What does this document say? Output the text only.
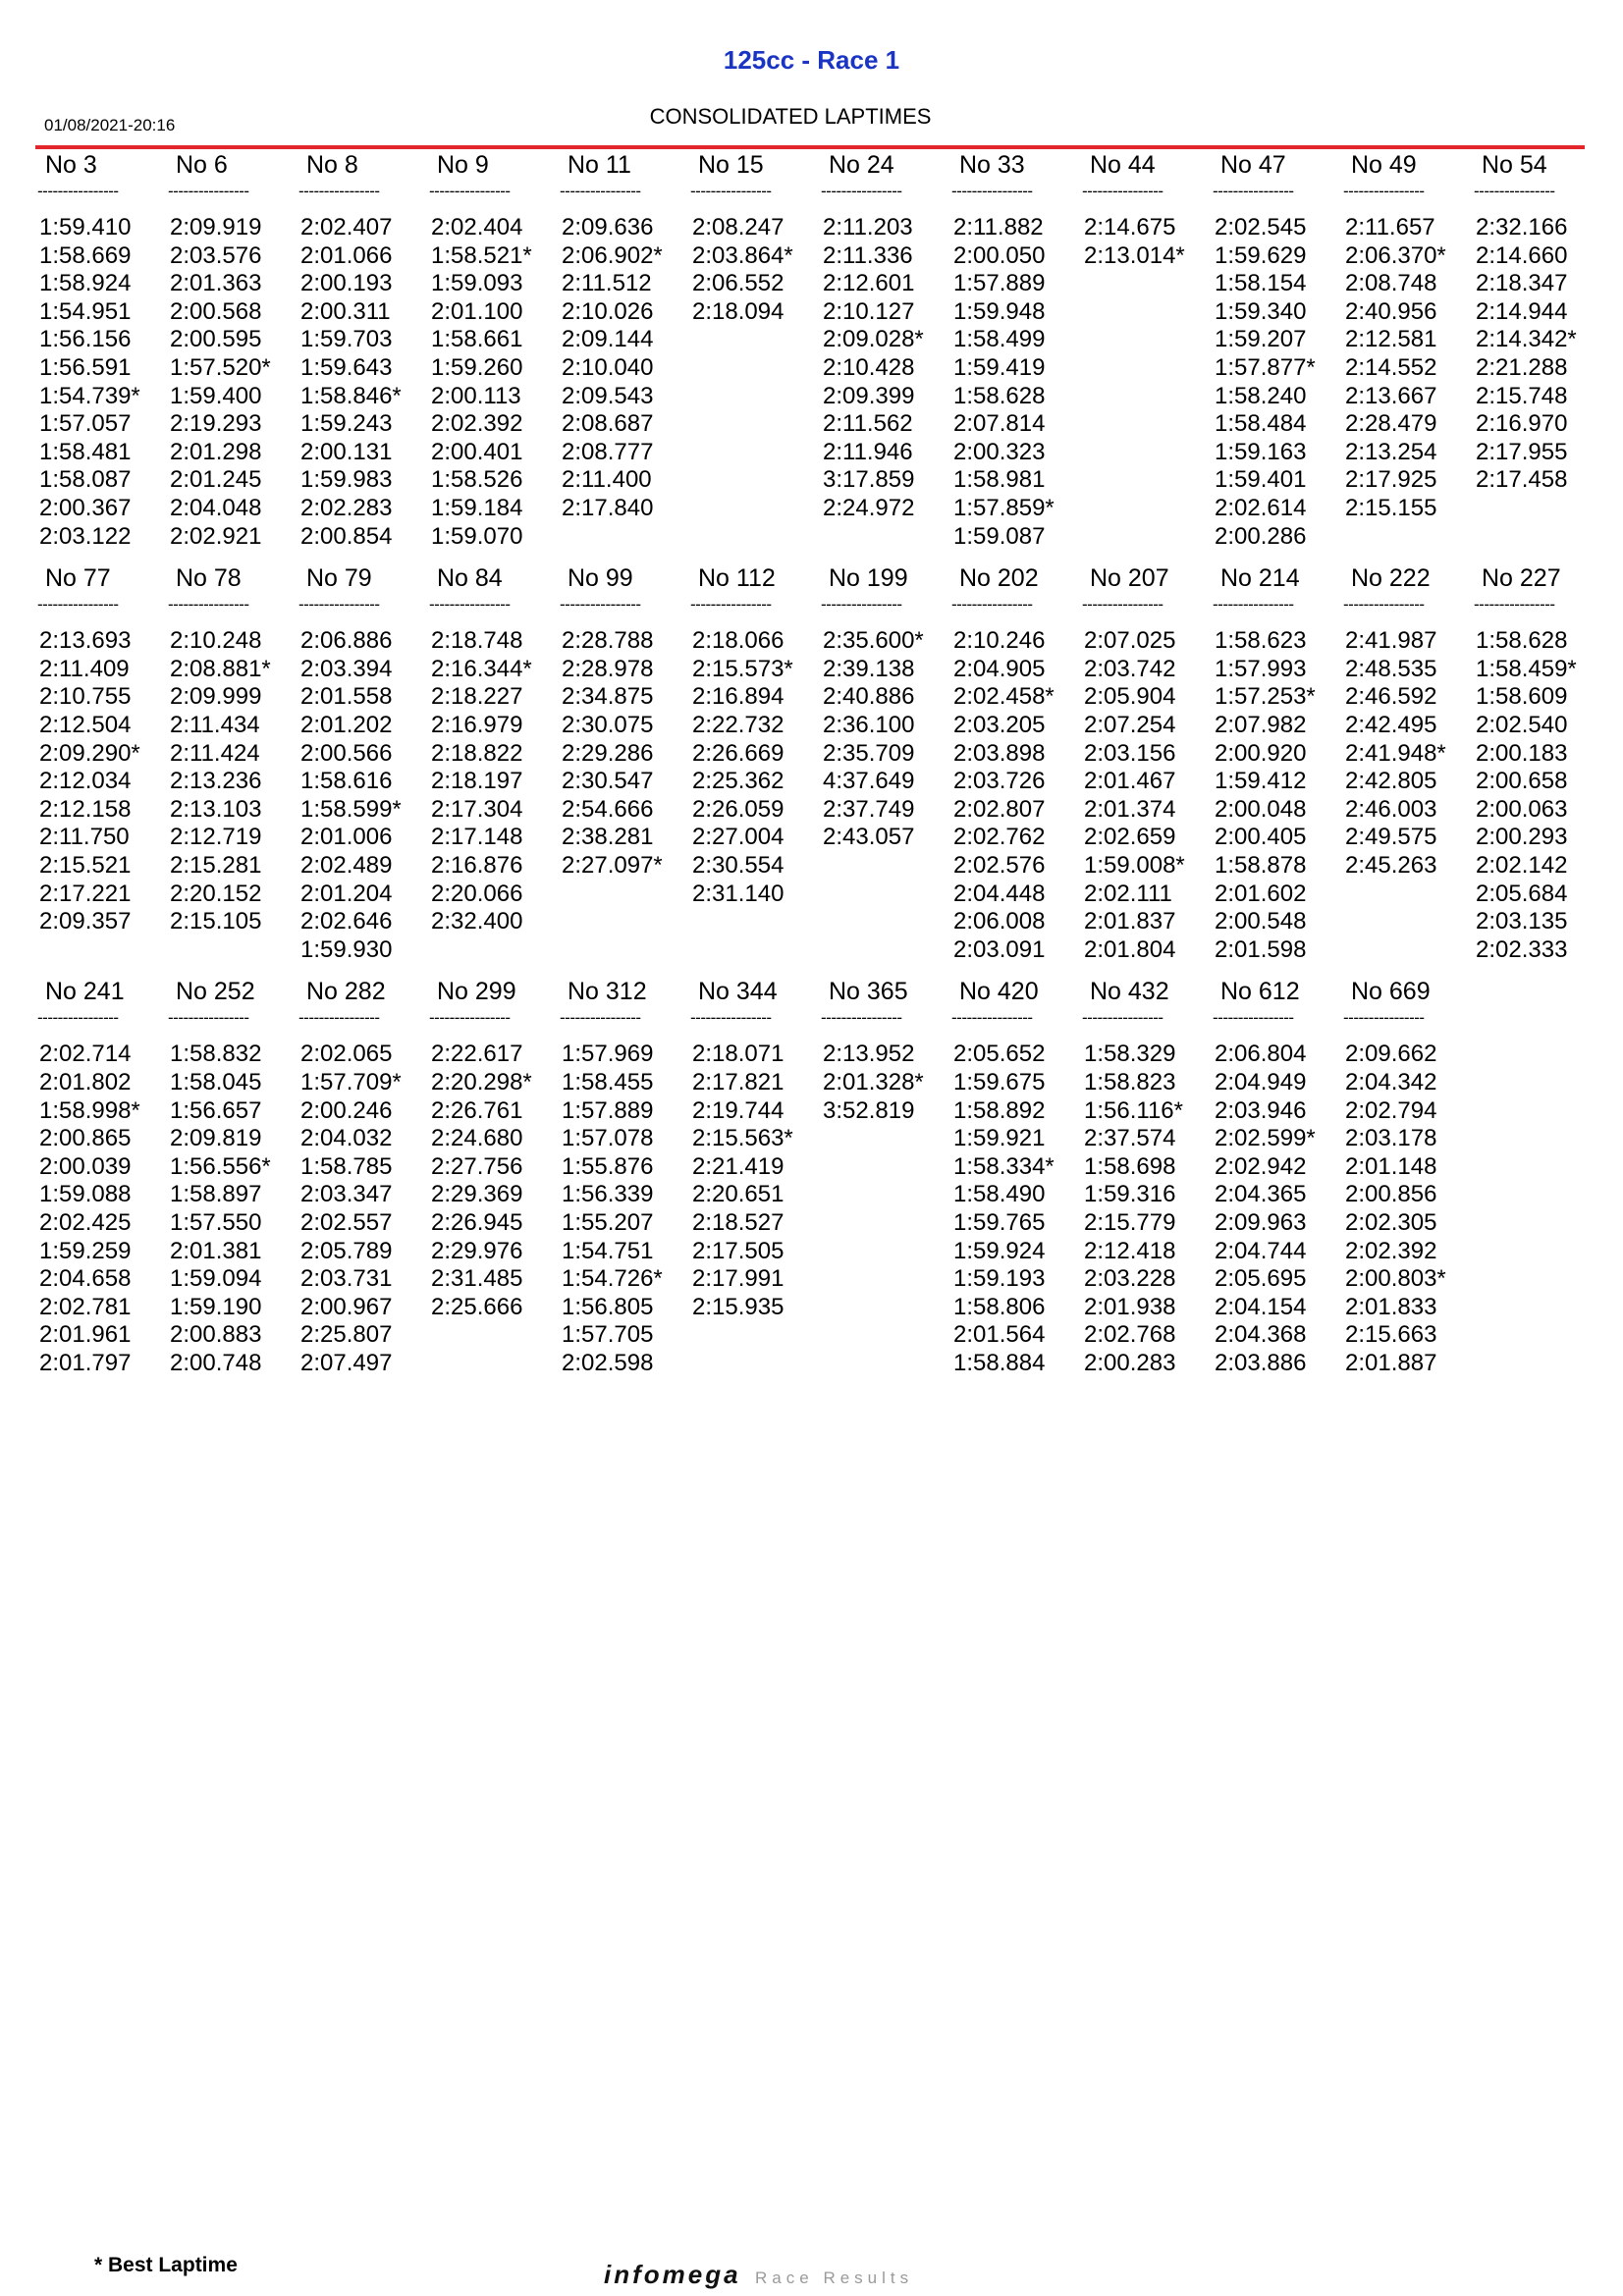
125cc - Race 1
01/08/2021-20:16	CONSOLIDATED LAPTIMES
No 3
----------------
1:59.410
1:58.669
1:58.924
1:54.951
1:56.156
1:56.591
1:54.739*
1:57.057
1:58.481
1:58.087
2:00.367
2:03.122
No 6
----------------
2:09.919
2:03.576
2:01.363
2:00.568
2:00.595
1:57.520*
1:59.400
2:19.293
2:01.298
2:01.245
2:04.048
2:02.921
No 8
----------------
2:02.407
2:01.066
2:00.193
2:00.311
1:59.703
1:59.643
1:58.846*
1:59.243
2:00.131
1:59.983
2:02.283
2:00.854
No 9
----------------
2:02.404
1:58.521*
1:59.093
2:01.100
1:58.661
1:59.260
2:00.113
2:02.392
2:00.401
1:58.526
1:59.184
1:59.070
No 11
----------------
2:09.636
2:06.902*
2:11.512
2:10.026
2:09.144
2:10.040
2:09.543
2:08.687
2:08.777
2:11.400
2:17.840
No 15
----------------
2:08.247
2:03.864*
2:06.552
2:18.094
No 24
----------------
2:11.203
2:11.336
2:12.601
2:10.127
2:09.028*
2:10.428
2:09.399
2:11.562
2:11.946
3:17.859
2:24.972
No 33
----------------
2:11.882
2:00.050
1:57.889
1:59.948
1:58.499
1:59.419
1:58.628
2:07.814
2:00.323
1:58.981
1:57.859*
1:59.087
No 44
----------------
2:14.675
2:13.014*
No 47
----------------
2:02.545
1:59.629
1:58.154
1:59.340
1:59.207
1:57.877*
1:58.240
1:58.484
1:59.163
1:59.401
2:02.614
2:00.286
No 49
----------------
2:11.657
2:06.370*
2:08.748
2:40.956
2:12.581
2:14.552
2:13.667
2:28.479
2:13.254
2:17.925
2:15.155
No 54
----------------
2:32.166
2:14.660
2:18.347
2:14.944
2:14.342*
2:21.288
2:15.748
2:16.970
2:17.955
2:17.458
No 77
----------------
2:13.693
2:11.409
2:10.755
2:12.504
2:09.290*
2:12.034
2:12.158
2:11.750
2:15.521
2:17.221
2:09.357
No 78
----------------
2:10.248
2:08.881*
2:09.999
2:11.434
2:11.424
2:13.236
2:13.103
2:12.719
2:15.281
2:20.152
2:15.105
No 79
----------------
2:06.886
2:03.394
2:01.558
2:01.202
2:00.566
1:58.616
1:58.599*
2:01.006
2:02.489
2:01.204
2:02.646
1:59.930
No 84
----------------
2:18.748
2:16.344*
2:18.227
2:16.979
2:18.822
2:18.197
2:17.304
2:17.148
2:16.876
2:20.066
2:32.400
No 99
----------------
2:28.788
2:28.978
2:34.875
2:30.075
2:29.286
2:30.547
2:54.666
2:38.281
2:27.097*
No 112
----------------
2:18.066
2:15.573*
2:16.894
2:22.732
2:26.669
2:25.362
2:26.059
2:27.004
2:30.554
2:31.140
No 199
----------------
2:35.600*
2:39.138
2:40.886
2:36.100
2:35.709
4:37.649
2:37.749
2:43.057
No 202
----------------
2:10.246
2:04.905
2:02.458*
2:03.205
2:03.898
2:03.726
2:02.807
2:02.762
2:02.576
2:04.448
2:06.008
2:03.091
No 207
----------------
2:07.025
2:03.742
2:05.904
2:07.254
2:03.156
2:01.467
2:01.374
2:02.659
1:59.008*
2:02.111
2:01.837
2:01.804
No 214
----------------
1:58.623
1:57.993
1:57.253*
2:07.982
2:00.920
1:59.412
2:00.048
2:00.405
1:58.878
2:01.602
2:00.548
2:01.598
No 222
----------------
2:41.987
2:48.535
2:46.592
2:42.495
2:41.948*
2:42.805
2:46.003
2:49.575
2:45.263
No 227
----------------
1:58.628
1:58.459*
1:58.609
2:02.540
2:00.183
2:00.658
2:00.063
2:00.293
2:02.142
2:05.684
2:03.135
2:02.333
No 241
----------------
2:02.714
2:01.802
1:58.998*
2:00.865
2:00.039
1:59.088
2:02.425
1:59.259
2:04.658
2:02.781
2:01.961
2:01.797
No 252
----------------
1:58.832
1:58.045
1:56.657
2:09.819
1:56.556*
1:58.897
1:57.550
2:01.381
1:59.094
1:59.190
2:00.883
2:00.748
No 282
----------------
2:02.065
1:57.709*
2:00.246
2:04.032
1:58.785
2:03.347
2:02.557
2:05.789
2:03.731
2:00.967
2:25.807
2:07.497
No 299
----------------
2:22.617
2:20.298*
2:26.761
2:24.680
2:27.756
2:29.369
2:26.945
2:29.976
2:31.485
2:25.666
No 312
----------------
1:57.969
1:58.455
1:57.889
1:57.078
1:55.876
1:56.339
1:55.207
1:54.751
1:54.726*
1:56.805
1:57.705
2:02.598
No 344
----------------
2:18.071
2:17.821
2:19.744
2:15.563*
2:21.419
2:20.651
2:18.527
2:17.505
2:17.991
2:15.935
No 365
----------------
2:13.952
2:01.328*
3:52.819
No 420
----------------
2:05.652
1:59.675
1:58.892
1:59.921
1:58.334*
1:58.490
1:59.765
1:59.924
1:59.193
1:58.806
2:01.564
1:58.884
No 432
----------------
1:58.329
1:58.823
1:56.116*
2:37.574
1:58.698
1:59.316
2:15.779
2:12.418
2:03.228
2:01.938
2:02.768
2:00.283
No 612
----------------
2:06.804
2:04.949
2:03.946
2:02.599*
2:02.942
2:04.365
2:09.963
2:04.744
2:05.695
2:04.154
2:04.368
2:03.886
No 669
----------------
2:09.662
2:04.342
2:02.794
2:03.178
2:01.148
2:00.856
2:02.305
2:02.392
2:00.803*
2:01.833
2:15.663
2:01.887
* Best Laptime	infomega Race Results
